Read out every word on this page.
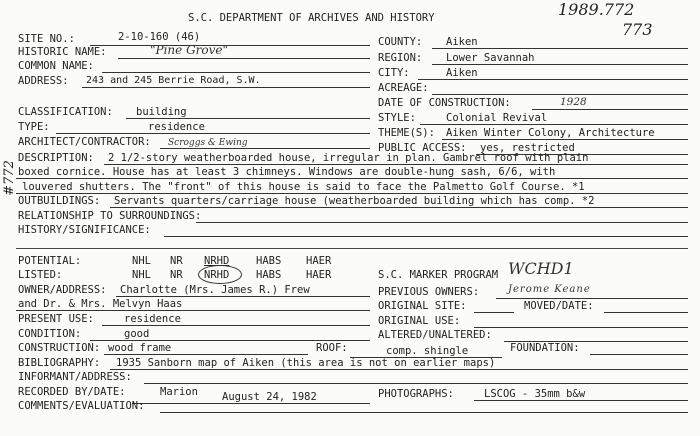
S.C. DEPARTMENT OF ARCHIVES AND HISTORY	1989.772
773
#772
SITE NO.:	2-10-160 (46)
HISTORIC NAME:	"Pine Grove"
COMMON NAME:
ADDRESS: 243 and 245 Berrie Road, S.W.
COUNTY: Aiken
REGION: Lower Savannah
CITY:	Aiken
ACREAGE:
DATE OF CONSTRUCTION:	1928
CLASSIFICATION: building
TYPE:	residence
ARCHITECT/CONTRACTOR: Scroggs & Ewing
STYLE:	Colonial Revival
THEME(S): Aiken Winter Colony, Architecture
PUBLIC ACCESS: yes, restricted
DESCRIPTION: 2 1/2-story weatherboarded house, irregular in plan. Gambrel roof with plain
boxed cornice. House has at least 3 chimneys. Windows are double-hung sash, 6/6, with
louvered shutters. The "front" of this house is said to face the Palmetto Golf Course. *1
OUTBUILDINGS: Servants quarters/carriage house (weatherboarded building which has comp. *2
RELATIONSHIP TO SURROUNDINGS:
HISTORY/SIGNIFICANCE:
POTENTIAL:	NHL NR NRHD	HABS HAER
LISTED:	NHL NR NRHD	HABS HAER	S.C. MARKER PROGRAM WCHD1
OWNER/ADDRESS: Charlotte (Mrs. James R.) Frew
and Dr. & Mrs. Melvyn Haas
PREVIOUS OWNERS:	Jerome Keane
ORIGINAL SITE:	MOVED/DATE:
PRESENT USE:	residence	ORIGINAL USE:
CONDITION:	good	ALTERED/UNALTERED:
CONSTRUCTION: wood frame	ROOF:	comp. shingle	FOUNDATION:
BIBLIOGRAPHY: 1935 Sanborn map of Aiken (this area is not on earlier maps)
INFORMANT/ADDRESS:
RECORDED BY/DATE:	Marion August 24, 1982	PHOTOGRAPHS:	LSCOG - 35mm b&w
COMMENTS/EVALUATION:
